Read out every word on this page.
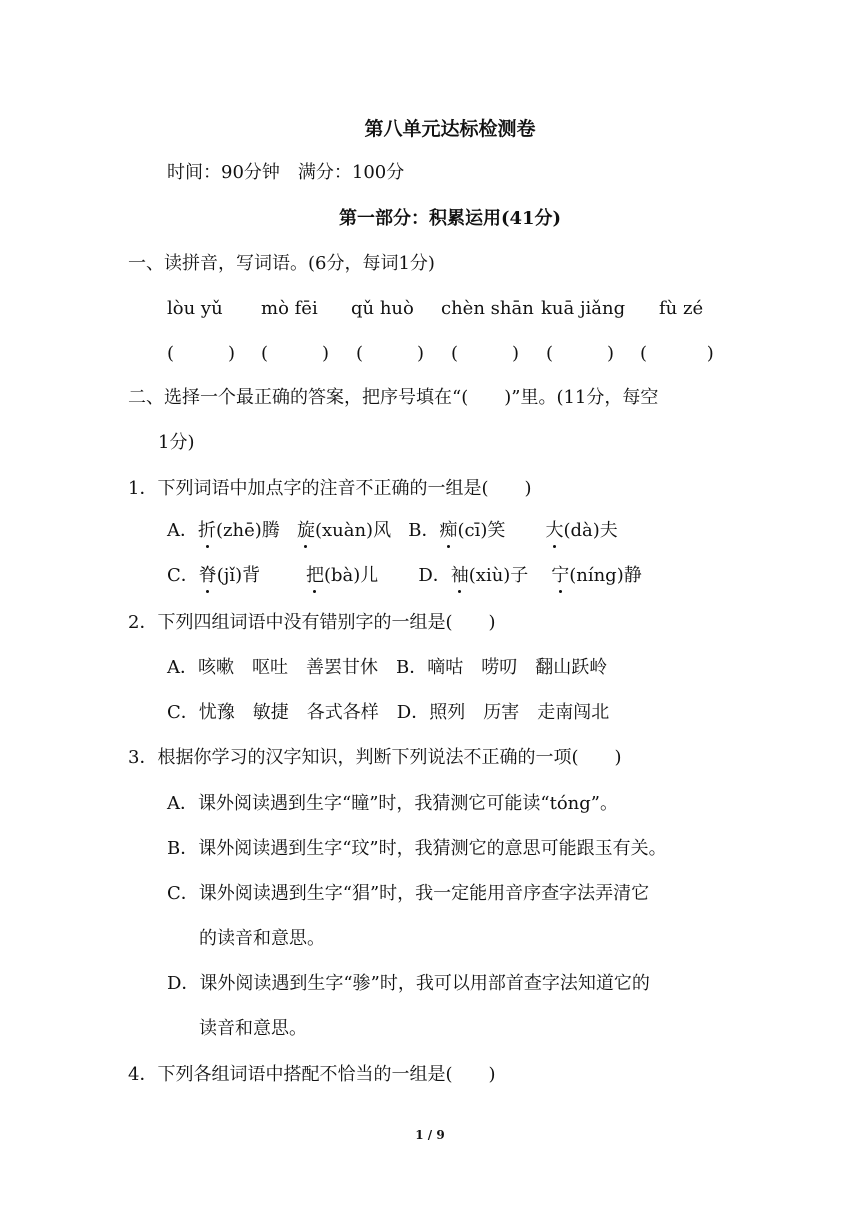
第八单元达标检测卷
时间：90分钟　满分：100分
第一部分：积累运用(41分)
一、读拼音，写词语。(6分，每词1分)
lòu yǔ mò fēi qǔ huò chèn shān kuā jiǎng fù zé
(　　　) (　　　) (　　　) (　　　) (　　　) (　　　 )
二、选择一个最正确的答案，把序号填在“(　　)”里。(11分，每空
1分)
1．下列词语中加点字的注音不正确的一组是(　　)
A．折(zhē)腾 旋(xuàn)风 B．痴(cī)笑 大(dà)夫
C．脊(jǐ)背	把(bà)儿 D．袖(xiù)子 宁(níng)静
2．下列四组词语中没有错别字的一组是(　　)
A．咳嗽　呕吐　善罢甘休　B．嘀咕　唠叨　翻山跃岭
C．忧豫　敏捷　各式各样　D．照列　历害　走南闯北
3．根据你学习的汉字知识，判断下列说法不正确的一项(　　)
A．课外阅读遇到生字“瞳”时，我猜测它可能读“tóng”。
B．课外阅读遇到生字“玟”时，我猜测它的意思可能跟玉有关。
C．课外阅读遇到生字“猖”时，我一定能用音序查字法弄清它
的读音和意思。
D．课外阅读遇到生字“骖”时，我可以用部首查字法知道它的
读音和意思。
4．下列各组词语中搭配不恰当的一组是(　　)
1 / 9
